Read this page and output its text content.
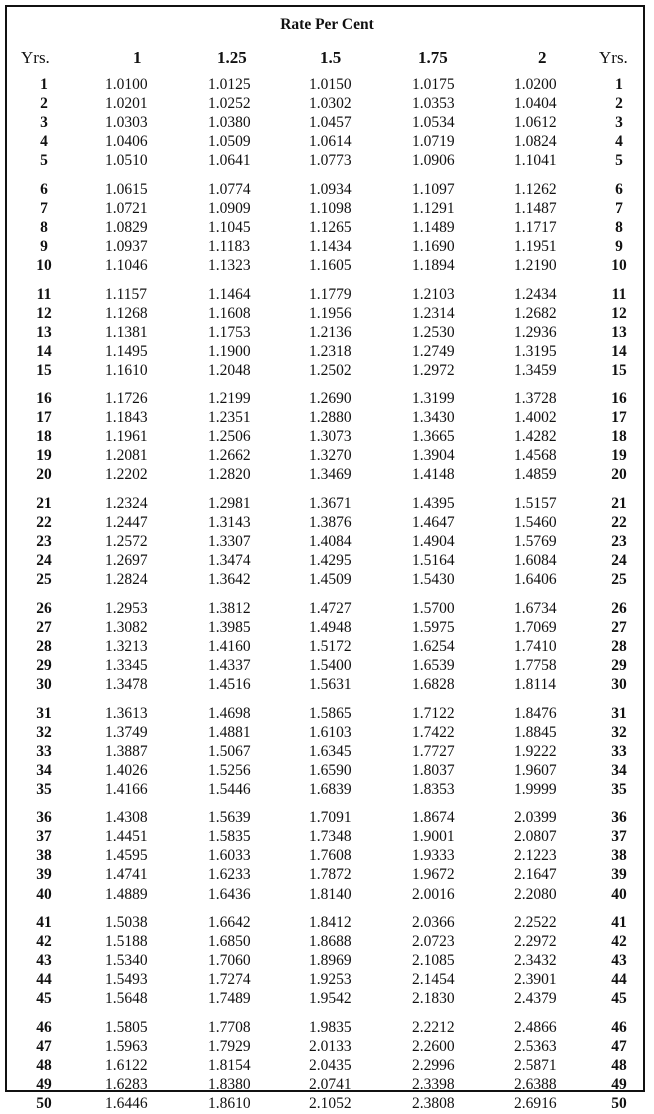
Rate Per Cent
Yrs.	1	1.25	1.5	1.75	2	Yrs.
1	1.0100	1.0125	1.0150	1.0175	1.0200	1
2	1.0201	1.0252	1.0302	1.0353	1.0404	2
3	1.0303	1.0380	1.0457	1.0534	1.0612	3
4	1.0406	1.0509	1.0614	1.0719	1.0824	4
5	1.0510	1.0641	1.0773	1.0906	1.1041	5
6	1.0615	1.0774	1.0934	1.1097	1.1262	6
7	1.0721	1.0909	1.1098	1.1291	1.1487	7
8	1.0829	1.1045	1.1265	1.1489	1.1717	8
9	1.0937	1.1183	1.1434	1.1690	1.1951	9
10	1.1046	1.1323	1.1605	1.1894	1.2190	10
11	1.1157	1.1464	1.1779	1.2103	1.2434	11
12	1.1268	1.1608	1.1956	1.2314	1.2682	12
13	1.1381	1.1753	1.2136	1.2530	1.2936	13
14	1.1495	1.1900	1.2318	1.2749	1.3195	14
15	1.1610	1.2048	1.2502	1.2972	1.3459	15
16	1.1726	1.2199	1.2690	1.3199	1.3728	16
17	1.1843	1.2351	1.2880	1.3430	1.4002	17
18	1.1961	1.2506	1.3073	1.3665	1.4282	18
19	1.2081	1.2662	1.3270	1.3904	1.4568	19
20	1.2202	1.2820	1.3469	1.4148	1.4859	20
21	1.2324	1.2981	1.3671	1.4395	1.5157	21
22	1.2447	1.3143	1.3876	1.4647	1.5460	22
23	1.2572	1.3307	1.4084	1.4904	1.5769	23
24	1.2697	1.3474	1.4295	1.5164	1.6084	24
25	1.2824	1.3642	1.4509	1.5430	1.6406	25
26	1.2953	1.3812	1.4727	1.5700	1.6734	26
27	1.3082	1.3985	1.4948	1.5975	1.7069	27
28	1.3213	1.4160	1.5172	1.6254	1.7410	28
29	1.3345	1.4337	1.5400	1.6539	1.7758	29
30	1.3478	1.4516	1.5631	1.6828	1.8114	30
31	1.3613	1.4698	1.5865	1.7122	1.8476	31
32	1.3749	1.4881	1.6103	1.7422	1.8845	32
33	1.3887	1.5067	1.6345	1.7727	1.9222	33
34	1.4026	1.5256	1.6590	1.8037	1.9607	34
35	1.4166	1.5446	1.6839	1.8353	1.9999	35
36	1.4308	1.5639	1.7091	1.8674	2.0399	36
37	1.4451	1.5835	1.7348	1.9001	2.0807	37
38	1.4595	1.6033	1.7608	1.9333	2.1223	38
39	1.4741	1.6233	1.7872	1.9672	2.1647	39
40	1.4889	1.6436	1.8140	2.0016	2.2080	40
41	1.5038	1.6642	1.8412	2.0366	2.2522	41
42	1.5188	1.6850	1.8688	2.0723	2.2972	42
43	1.5340	1.7060	1.8969	2.1085	2.3432	43
44	1.5493	1.7274	1.9253	2.1454	2.3901	44
45	1.5648	1.7489	1.9542	2.1830	2.4379	45
46	1.5805	1.7708	1.9835	2.2212	2.4866	46
47	1.5963	1.7929	2.0133	2.2600	2.5363	47
48	1.6122	1.8154	2.0435	2.2996	2.5871	48
49	1.6283	1.8380	2.0741	2.3398	2.6388	49
50	1.6446	1.8610	2.1052	2.3808	2.6916	50
